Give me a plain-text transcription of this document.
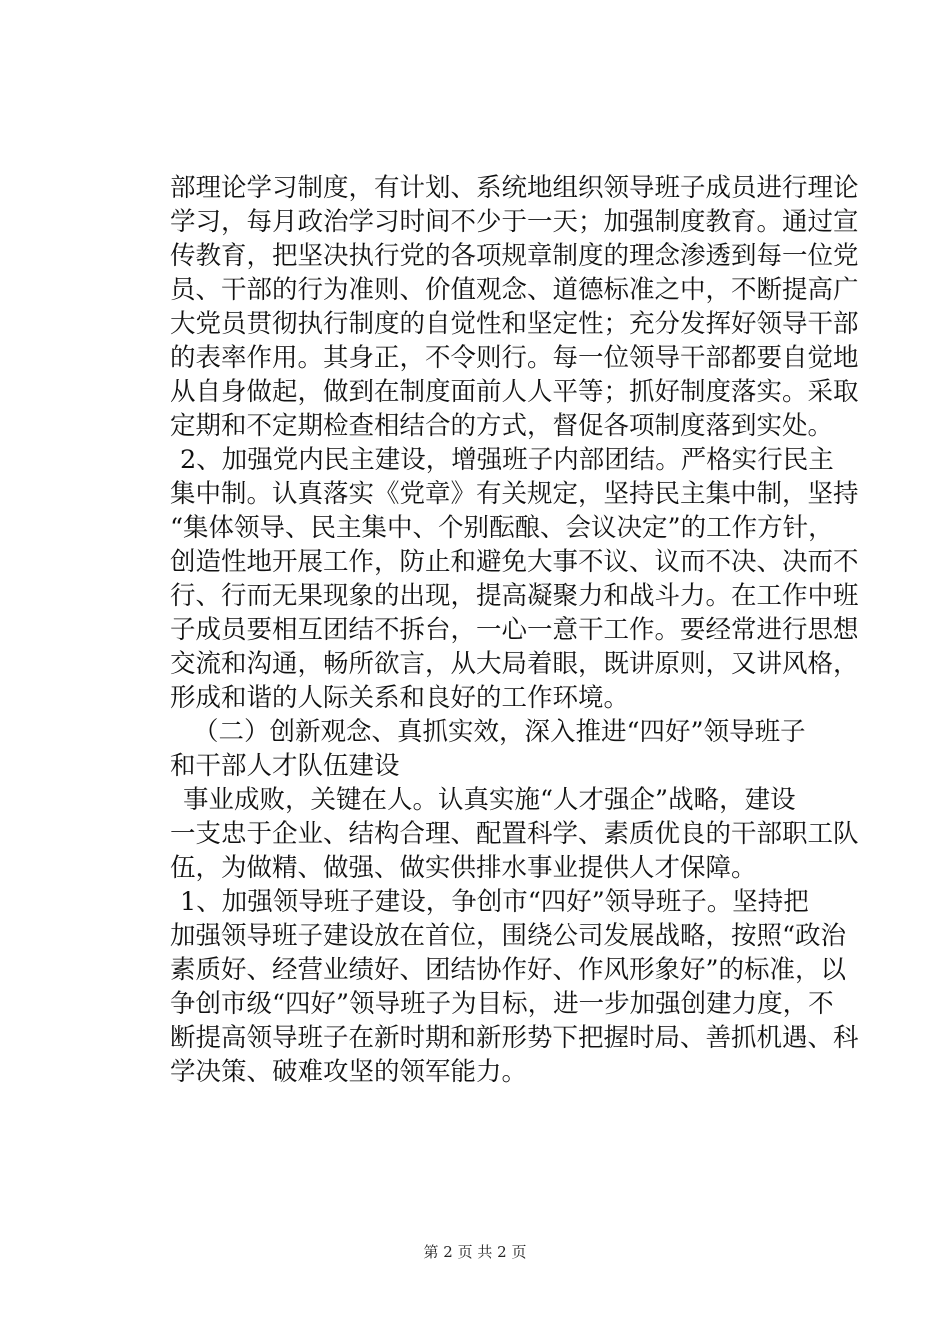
部理论学习制度，有计划、系统地组织领导班子成员进行理论
学习，每月政治学习时间不少于一天；加强制度教育。通过宣
传教育，把坚决执行党的各项规章制度的理念渗透到每一位党
员、干部的行为准则、价值观念、道德标准之中，不断提高广
大党员贯彻执行制度的自觉性和坚定性；充分发挥好领导干部
的表率作用。其身正，不令则行。每一位领导干部都要自觉地
从自身做起，做到在制度面前人人平等；抓好制度落实。采取
定期和不定期检查相结合的方式，督促各项制度落到实处。
2、加强党内民主建设，增强班子内部团结。严格实行民主
集中制。认真落实《党章》有关规定，坚持民主集中制，坚持
“集体领导、民主集中、个别酝酿、会议决定”的工作方针，
创造性地开展工作，防止和避免大事不议、议而不决、决而不
行、行而无果现象的出现，提高凝聚力和战斗力。在工作中班
子成员要相互团结不拆台，一心一意干工作。要经常进行思想
交流和沟通，畅所欲言，从大局着眼，既讲原则，又讲风格，
形成和谐的人际关系和良好的工作环境。
（二）创新观念、真抓实效，深入推进“四好”领导班子
和干部人才队伍建设
事业成败，关键在人。认真实施“人才强企”战略，建设
一支忠于企业、结构合理、配置科学、素质优良的干部职工队
伍，为做精、做强、做实供排水事业提供人才保障。
1、加强领导班子建设，争创市“四好”领导班子。坚持把
加强领导班子建设放在首位，围绕公司发展战略，按照“政治
素质好、经营业绩好、团结协作好、作风形象好”的标准，以
争创市级“四好”领导班子为目标，进一步加强创建力度，不
断提高领导班子在新时期和新形势下把握时局、善抓机遇、科
学决策、破难攻坚的领军能力。
第 2 页 共 2 页
